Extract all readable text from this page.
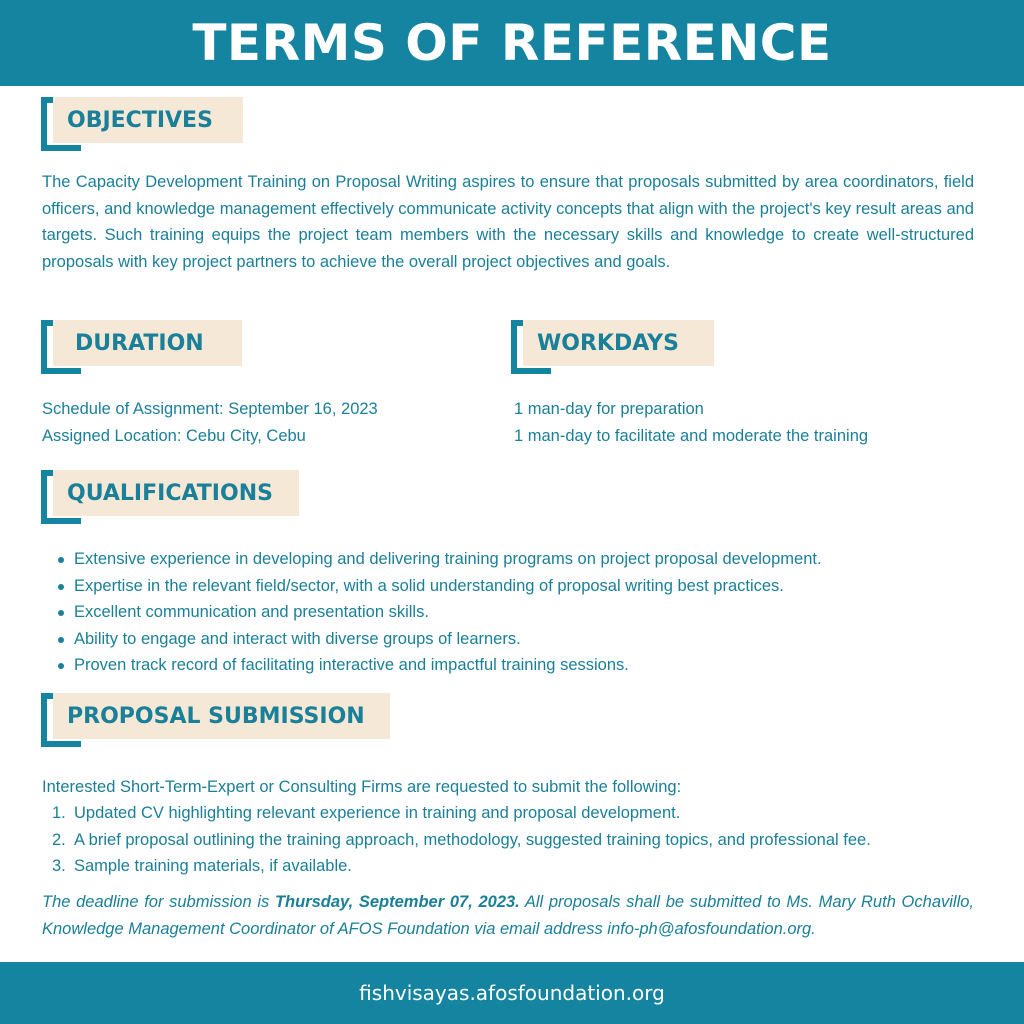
TERMS OF REFERENCE
OBJECTIVES

The Capacity Development Training on Proposal Writing aspires to ensure that proposals submitted by area coordinators, field officers, and knowledge management effectively communicate activity concepts that align with the project's key result areas and targets. Such training equips the project team members with the necessary skills and knowledge to create well-structured proposals with key project partners to achieve the overall project objectives and goals.

DURATION
Schedule of Assignment: September 16, 2023
Assigned Location: Cebu City, Cebu
WORKDAYS
1 man-day for preparation
1 man-day to facilitate and moderate the training
QUALIFICATIONS
Extensive experience in developing and delivering training programs on project proposal development.
Expertise in the relevant field/sector, with a solid understanding of proposal writing best practices.
Excellent communication and presentation skills.
Ability to engage and interact with diverse groups of learners.
Proven track record of facilitating interactive and impactful training sessions.
PROPOSAL SUBMISSION
Interested Short-Term-Expert or Consulting Firms are requested to submit the following:
1. Updated CV highlighting relevant experience in training and proposal development.
2. A brief proposal outlining the training approach, methodology, suggested training topics, and professional fee.
3. Sample training materials, if available.

The deadline for submission is Thursday, September 07, 2023. All proposals shall be submitted to Ms. Mary Ruth Ochavillo, Knowledge Management Coordinator of AFOS Foundation via email address info-ph@afosfoundation.org.

fishvisayas.afosfoundation.org
